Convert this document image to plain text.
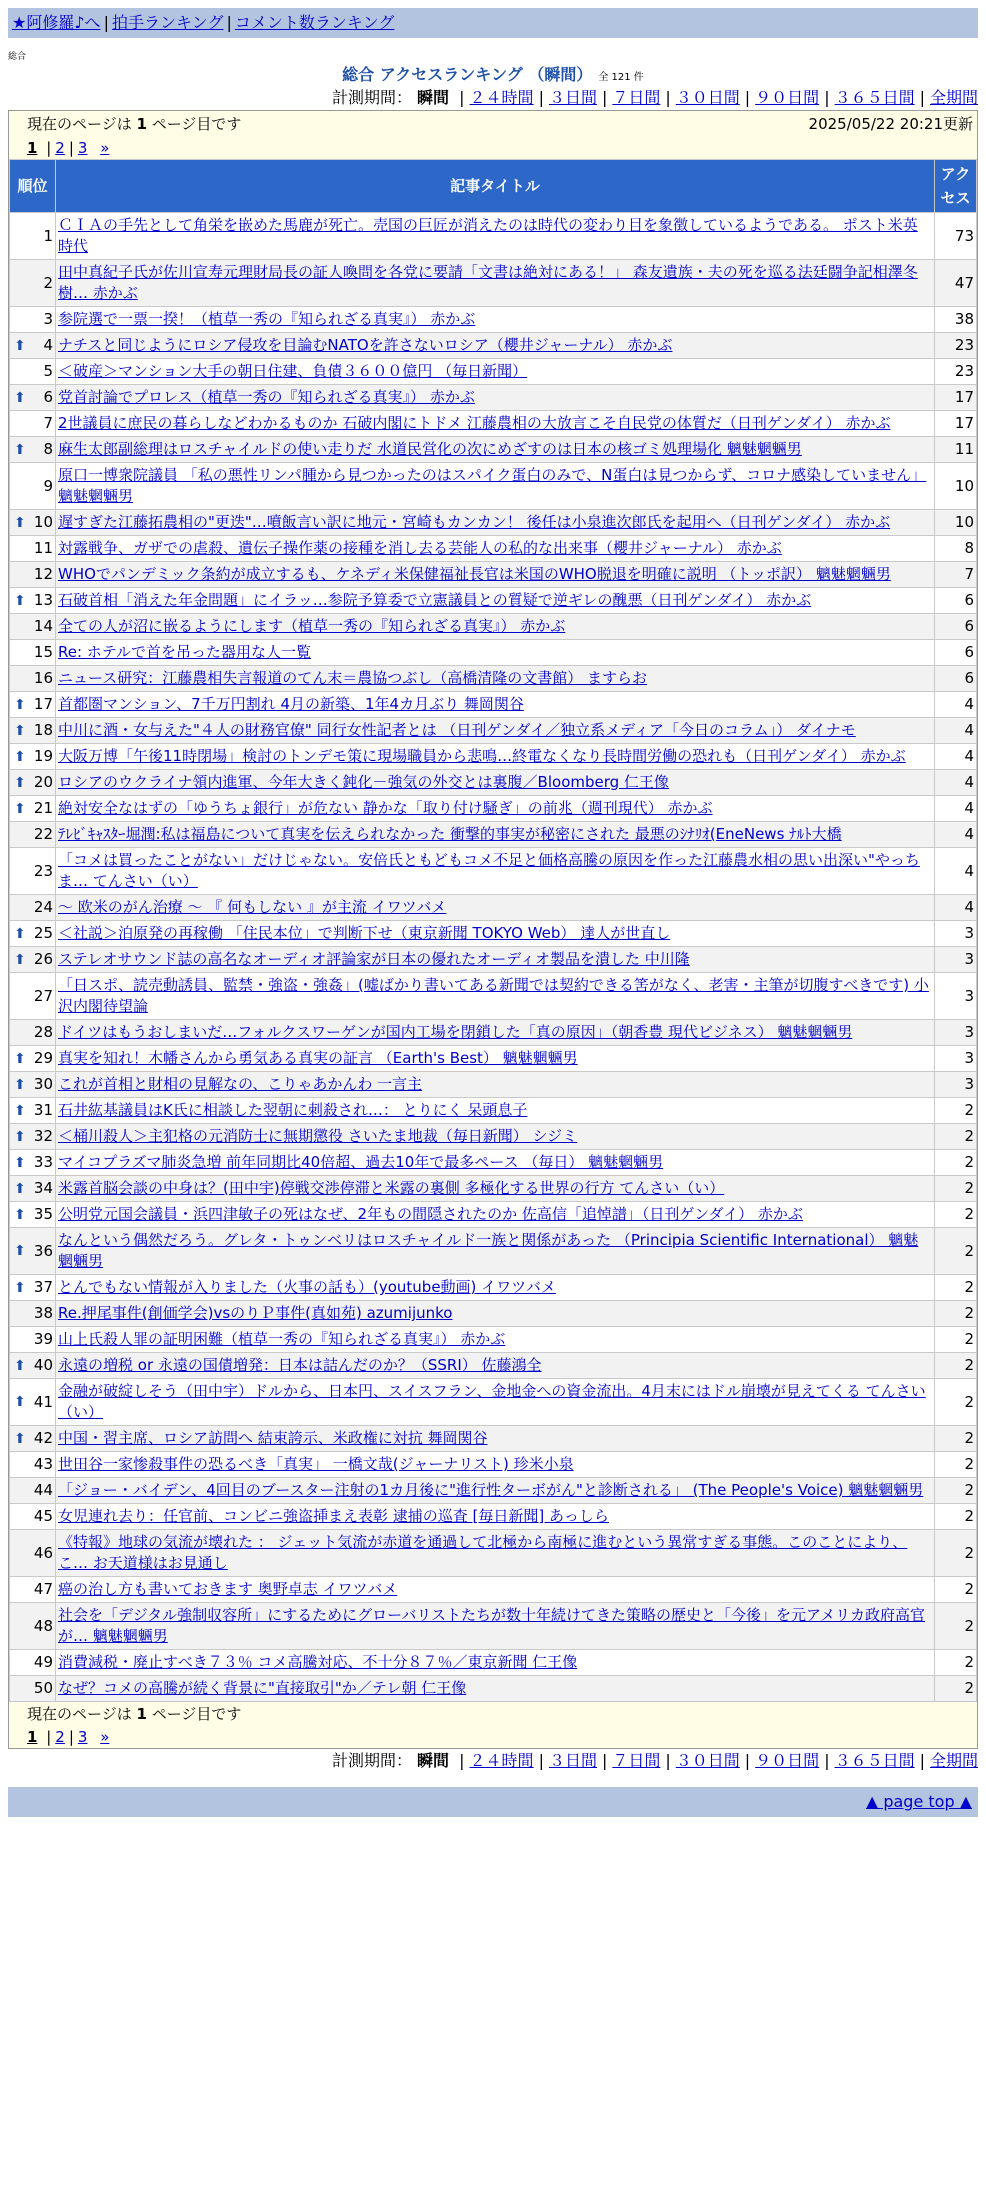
★阿修羅♪へ | 拍手ランキング | コメント数ランキング
総合
総合 アクセスランキング （瞬間） 全 121 件
計測期間： 瞬間 | ２４時間 | ３日間 | ７日間 | ３０日間 | ９０日間 | ３６５日間 | 全期間
現在のページは 1 ページ目です	2025/05/22 20:21更新
1 | 2 | 3 »
順位	記事タイトル	アクセス
1	ＣＩＡの手先として角栄を嵌めた馬鹿が死亡。売国の巨匠が消えたのは時代の変わり目を象徴しているようである。 ポスト米英時代	73
2	田中真紀子氏が佐川宣寿元理財局長の証人喚問を各党に要請「文書は絶対にある！」 森友遺族・夫の死を巡る法廷闘争記相澤冬樹… 赤かぶ	47
3	参院選で一票一揆！（植草一秀の『知られざる真実』） 赤かぶ	38

⬆ 4	ナチスと同じようにロシア侵攻を目論むNATOを許さないロシア（櫻井ジャーナル） 赤かぶ	23
5	＜破産＞マンション大手の朝日住建、負債３６００億円 （毎日新聞）	23

⬆ 6	党首討論でプロレス（植草一秀の『知られざる真実』） 赤かぶ	17
7	2世議員に庶民の暮らしなどわかるものか 石破内閣にトドメ 江藤農相の大放言こそ自民党の体質だ（日刊ゲンダイ） 赤かぶ	17

⬆ 8	麻生太郎副総理はロスチャイルドの使い走りだ 水道民営化の次にめざすのは日本の核ゴミ処理場化 魑魅魍魎男	11
9	原口一博衆院議員 「私の悪性リンパ腫から見つかったのはスパイク蛋白のみで、N蛋白は見つからず、コロナ感染していません」 魑魅魍魎男	10

⬆ 10	遅すぎた江藤拓農相の"更迭"…噴飯言い訳に地元・宮崎もカンカン！ 後任は小泉進次郎氏を起用へ（日刊ゲンダイ） 赤かぶ	10
11	対露戦争、ガザでの虐殺、遺伝子操作薬の接種を消し去る芸能人の私的な出来事（櫻井ジャーナル） 赤かぶ	8
12	WHOでパンデミック条約が成立するも、ケネディ米保健福祉長官は米国のWHO脱退を明確に説明 （トッポ訳） 魑魅魍魎男	7

⬆ 13	石破首相「消えた年金問題」にイラッ…参院予算委で立憲議員との質疑で逆ギレの醜悪（日刊ゲンダイ） 赤かぶ	6
14	全ての人が沼に嵌るようにします（植草一秀の『知られざる真実』） 赤かぶ	6
15	Re: ホテルで首を吊った器用な人一覧	6
16	ニュース研究：江藤農相失言報道のてん末＝農協つぶし（高橋清隆の文書館） ますらお	6

⬆ 17	首都圏マンション、7千万円割れ 4月の新築、1年4カ月ぶり 舞岡関谷	4

⬆ 18	中川に酒・女与えた"４人の財務官僚" 同行女性記者とは （日刊ゲンダイ／独立系メディア「今日のコラム」） ダイナモ	4

⬆ 19	大阪万博「午後11時閉場」検討のトンデモ策に現場職員から悲鳴…終電なくなり長時間労働の恐れも（日刊ゲンダイ） 赤かぶ	4

⬆ 20	ロシアのウクライナ領内進軍、今年大きく鈍化－強気の外交とは裏腹／Bloomberg 仁王像	4

⬆ 21	絶対安全なはずの「ゆうちょ銀行」が危ない 静かな「取り付け騒ぎ」の前兆（週刊現代） 赤かぶ	4
22	ﾃﾚﾋﾞｷｬｽﾀｰ堀潤:私は福島について真実を伝えられなかった 衝撃的事実が秘密にされた 最悪のｼﾅﾘｵ(EneNews ﾅﾙﾄ大橋	4
23	「コメは買ったことがない」だけじゃない。安倍氏ともどもコメ不足と価格高騰の原因を作った江藤農水相の思い出深い"やっちま… てんさい（い）	4
24	～ 欧米のがん治療 ～ 『 何もしない 』が主流 イワツバメ	4

⬆ 25	＜社説＞泊原発の再稼働 「住民本位」で判断下せ（東京新聞 TOKYO Web） 達人が世直し	3

⬆ 26	ステレオサウンド誌の高名なオーディオ評論家が日本の優れたオーディオ製品を潰した 中川隆	3
27	「日スポ、読売動誘員、監禁・強盗・強姦」(嘘ばかり書いてある新聞では契約できる筈がなく、老害・主筆が切腹すべきです) 小沢内閣待望論	3
28	ドイツはもうおしまいだ…フォルクスワーゲンが国内工場を閉鎖した「真の原因」（朝香豊 現代ビジネス） 魑魅魍魎男	3

⬆ 29	真実を知れ！木幡さんから勇気ある真実の証言 （Earth's Best） 魑魅魍魎男	3

⬆ 30	これが首相と財相の見解なの、こりゃあかんわ 一言主	3

⬆ 31	石井紘基議員はK氏に相談した翌朝に刺殺され…： とりにく 呆頭息子	2

⬆ 32	＜桶川殺人＞主犯格の元消防士に無期懲役 さいたま地裁（毎日新聞） シジミ	2

⬆ 33	マイコプラズマ肺炎急増 前年同期比40倍超、過去10年で最多ペース （毎日） 魑魅魍魎男	2

⬆ 34	米露首脳会談の中身は？(田中宇)停戦交渉停滞と米露の裏側 多極化する世界の行方 てんさい（い）	2

⬆ 35	公明党元国会議員・浜四津敏子の死はなぜ、2年もの間隠されたのか 佐高信「追悼譜」（日刊ゲンダイ） 赤かぶ	2

⬆ 36	なんという偶然だろう。グレタ・トゥンベリはロスチャイルド一族と関係があった （Principia Scientific International） 魑魅魍魎男	2

⬆ 37	とんでもない情報が入りました（火事の話も）(youtube動画) イワツバメ	2
38	Re.押尾事件(創価学会)vsのりＰ事件(真如苑) azumijunko	2
39	山上氏殺人罪の証明困難（植草一秀の『知られざる真実』） 赤かぶ	2

⬆ 40	永遠の増税 or 永遠の国債増発：日本は詰んだのか？（SSRI） 佐藤鴻全	2

⬆ 41	金融が破綻しそう（田中宇）ドルから、日本円、スイスフラン、金地金への資金流出。4月末にはドル崩壊が見えてくる てんさい（い）	2

⬆ 42	中国・習主席、ロシア訪問へ 結束誇示、米政権に対抗 舞岡関谷	2
43	世田谷一家惨殺事件の恐るべき「真実」 一橋文哉(ジャーナリスト) 珍米小泉	2
44	「ジョー・バイデン、4回目のブースター注射の1カ月後に"進行性ターボがん"と診断される」 (The People's Voice) 魑魅魍魎男	2
45	女児連れ去り：任官前、コンビニ強盗挿まえ表彰 逮捕の巡査 [毎日新聞] あっしら	2
46	《特報》地球の気流が壊れた ： ジェット気流が赤道を通過して北極から南極に進むという異常すぎる事態。このことにより、こ… お天道様はお見通し	2
47	癌の治し方も書いておきます 奥野卓志 イワツバメ	2
48	社会を「デジタル強制収容所」にするためにグローバリストたちが数十年続けてきた策略の歴史と「今後」を元アメリカ政府高官が… 魑魅魍魎男	2
49	消費減税・廃止すべき７３％ コメ高騰対応、不十分８７％／東京新聞 仁王像	2
50	なぜ？コメの高騰が続く背景に"直接取引"か／テレ朝 仁王像	2
現在のページは 1 ページ目です
1 | 2 | 3 »
計測期間： 瞬間 | ２４時間 | ３日間 | ７日間 | ３０日間 | ９０日間 | ３６５日間 | 全期間
▲ page top ▲
